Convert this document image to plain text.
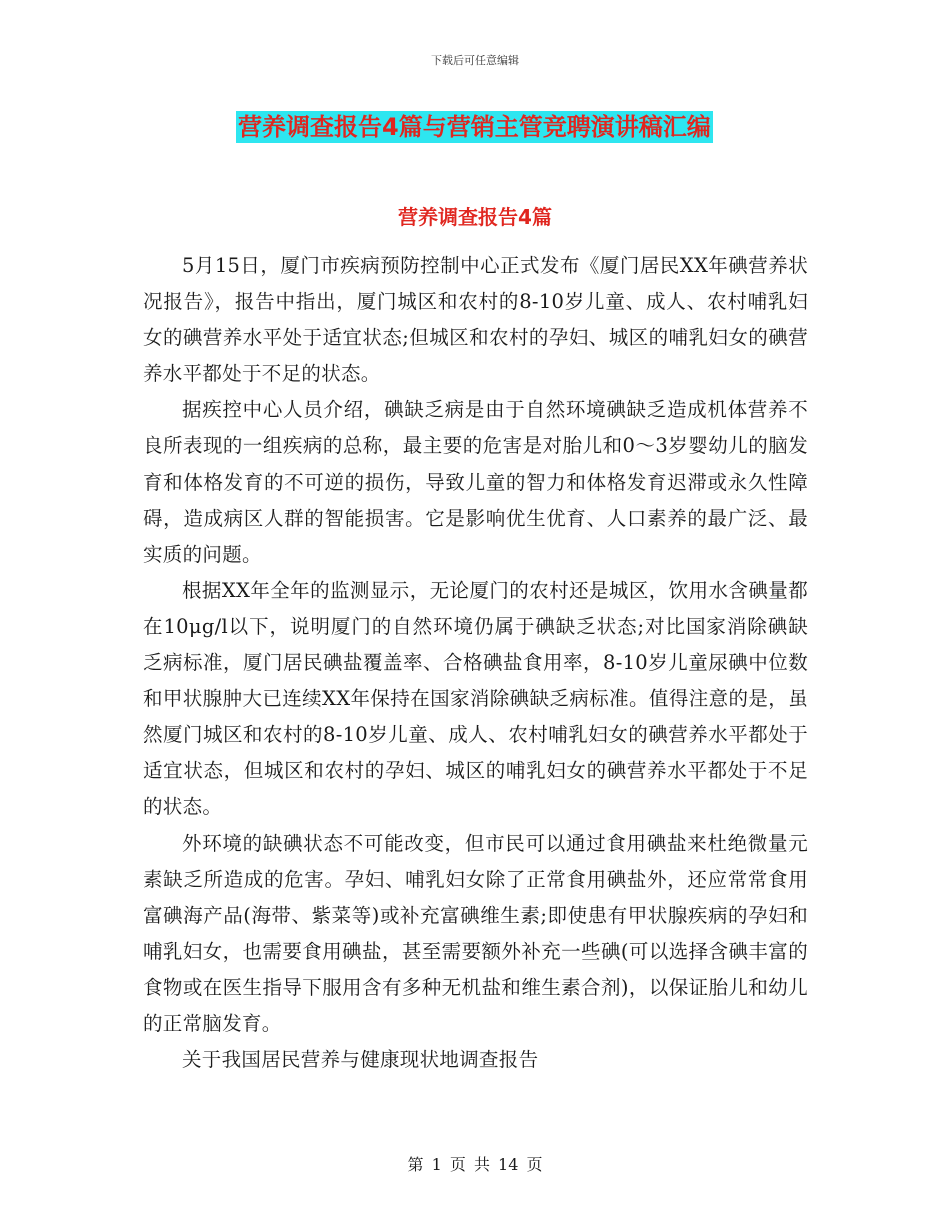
下载后可任意编辑
营养调查报告4篇与营销主管竞聘演讲稿汇编
营养调查报告4篇

5月15日，厦门市疾病预防控制中心正式发布《厦门居民XX年碘营养状况报告》，报告中指出，厦门城区和农村的8-10岁儿童、成人、农村哺乳妇女的碘营养水平处于适宜状态;但城区和农村的孕妇、城区的哺乳妇女的碘营养水平都处于不足的状态。

据疾控中心人员介绍，碘缺乏病是由于自然环境碘缺乏造成机体营养不良所表现的一组疾病的总称，最主要的危害是对胎儿和0～3岁婴幼儿的脑发育和体格发育的不可逆的损伤，导致儿童的智力和体格发育迟滞或永久性障碍，造成病区人群的智能损害。它是影响优生优育、人口素养的最广泛、最实质的问题。

根据XX年全年的监测显示，无论厦门的农村还是城区，饮用水含碘量都在10μg/l以下，说明厦门的自然环境仍属于碘缺乏状态;对比国家消除碘缺乏病标准，厦门居民碘盐覆盖率、合格碘盐食用率，8-10岁儿童尿碘中位数和甲状腺肿大已连续XX年保持在国家消除碘缺乏病标准。值得注意的是，虽然厦门城区和农村的8-10岁儿童、成人、农村哺乳妇女的碘营养水平都处于适宜状态，但城区和农村的孕妇、城区的哺乳妇女的碘营养水平都处于不足的状态。

外环境的缺碘状态不可能改变，但市民可以通过食用碘盐来杜绝微量元素缺乏所造成的危害。孕妇、哺乳妇女除了正常食用碘盐外，还应常常食用富碘海产品(海带、紫菜等)或补充富碘维生素;即使患有甲状腺疾病的孕妇和哺乳妇女，也需要食用碘盐，甚至需要额外补充一些碘(可以选择含碘丰富的食物或在医生指导下服用含有多种无机盐和维生素合剂)，以保证胎儿和幼儿的正常脑发育。

关于我国居民营养与健康现状地调查报告

第 1 页 共 14 页
